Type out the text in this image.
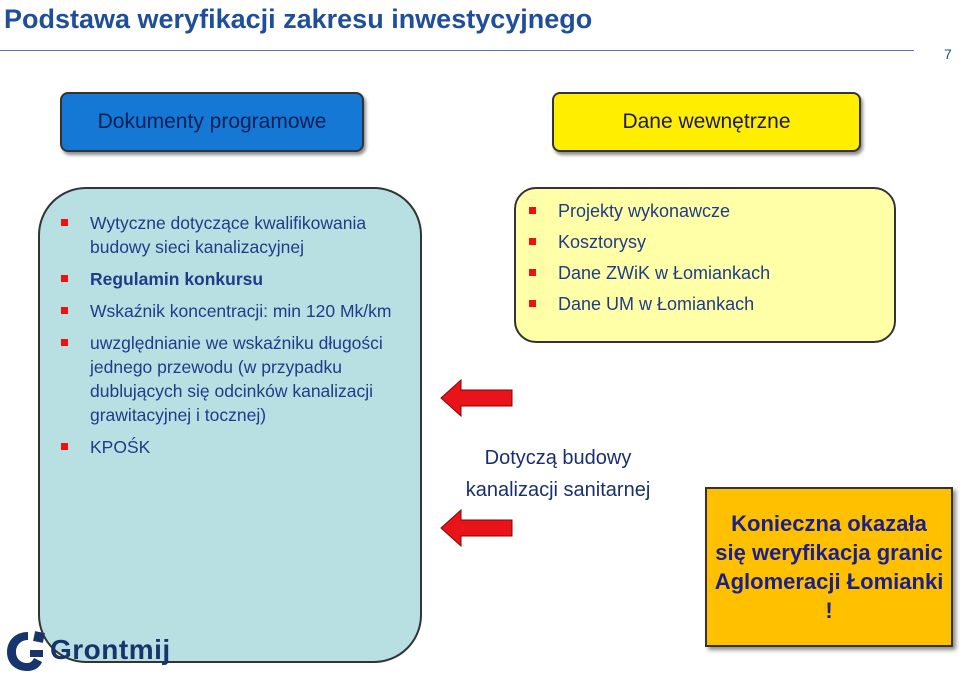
Podstawa weryfikacji zakresu inwestycyjnego
7
Dokumenty programowe	Dane wewnętrzne
Wytyczne dotyczące kwalifikowania budowy sieci kanalizacyjnej
Regulamin konkursu
Wskaźnik koncentracji: min 120 Mk/km
uwzględnianie we wskaźniku długości jednego przewodu (w przypadku dublujących się odcinków kanalizacji grawitacyjnej i tocznej)
KPOŚK
Projekty wykonawcze
Kosztorysy
Dane ZWiK w Łomiankach
Dane UM w Łomiankach
Dotyczą budowy
kanalizacji sanitarnej
Konieczna okazała się weryfikacja granic Aglomeracji Łomianki !
Grontmij
